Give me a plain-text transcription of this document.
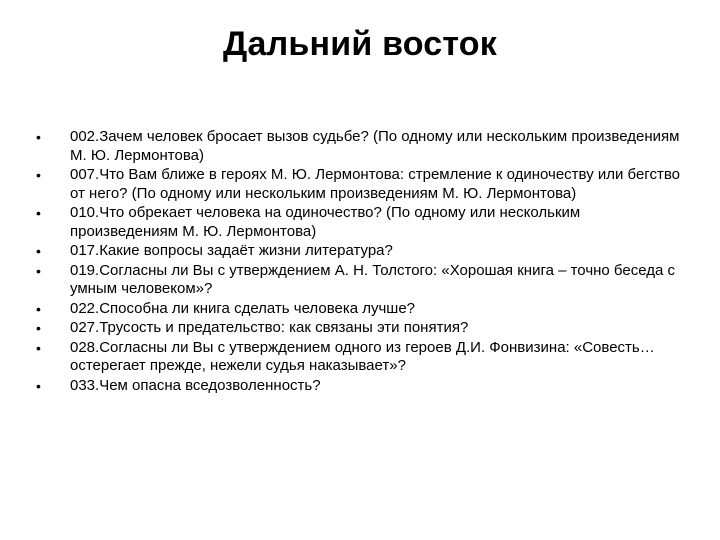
Дальний восток
• 002.Зачем человек бросает вызов судьбе? (По одному или нескольким произведениям М. Ю. Лермонтова)
• 007.Что Вам ближе в героях М. Ю. Лермонтова: стремление к одиночеству или бегство от него? (По одному или нескольким произведениям М. Ю. Лермонтова)
• 010.Что обрекает человека на одиночество? (По одному или нескольким произведениям М. Ю. Лермонтова)
• 017.Какие вопросы задаёт жизни литература?
• 019.Согласны ли Вы с утверждением А. Н. Толстого: «Хорошая книга – точно беседа с умным человеком»?
• 022.Способна ли книга сделать человека лучше?
• 027.Трусость и предательство: как связаны эти понятия?
• 028.Согласны ли Вы с утверждением одного из героев Д.И. Фонвизина: «Совесть… остерегает прежде, нежели судья наказывает»?
• 033.Чем опасна вседозволенность?
